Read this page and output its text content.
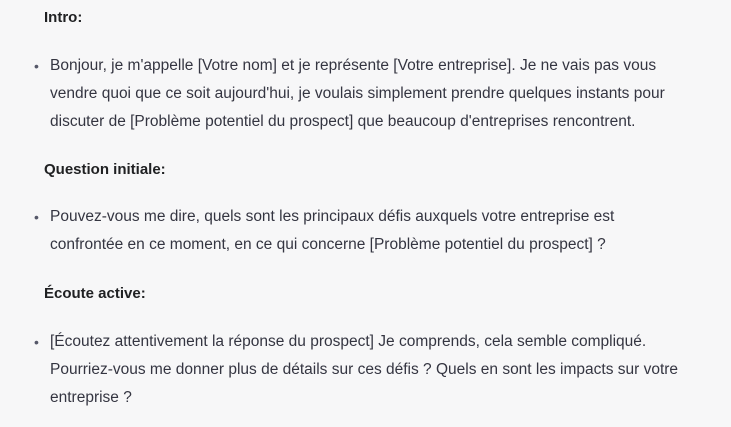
Intro:
• Bonjour, je m'appelle [Votre nom] et je représente [Votre entreprise]. Je ne vais pas vous
vendre quoi que ce soit aujourd'hui, je voulais simplement prendre quelques instants pour
discuter de [Problème potentiel du prospect] que beaucoup d'entreprises rencontrent.
Question initiale:
• Pouvez-vous me dire, quels sont les principaux défis auxquels votre entreprise est
confrontée en ce moment, en ce qui concerne [Problème potentiel du prospect] ?
Écoute active:
• [Écoutez attentivement la réponse du prospect] Je comprends, cela semble compliqué.
Pourriez-vous me donner plus de détails sur ces défis ? Quels en sont les impacts sur votre
entreprise ?
